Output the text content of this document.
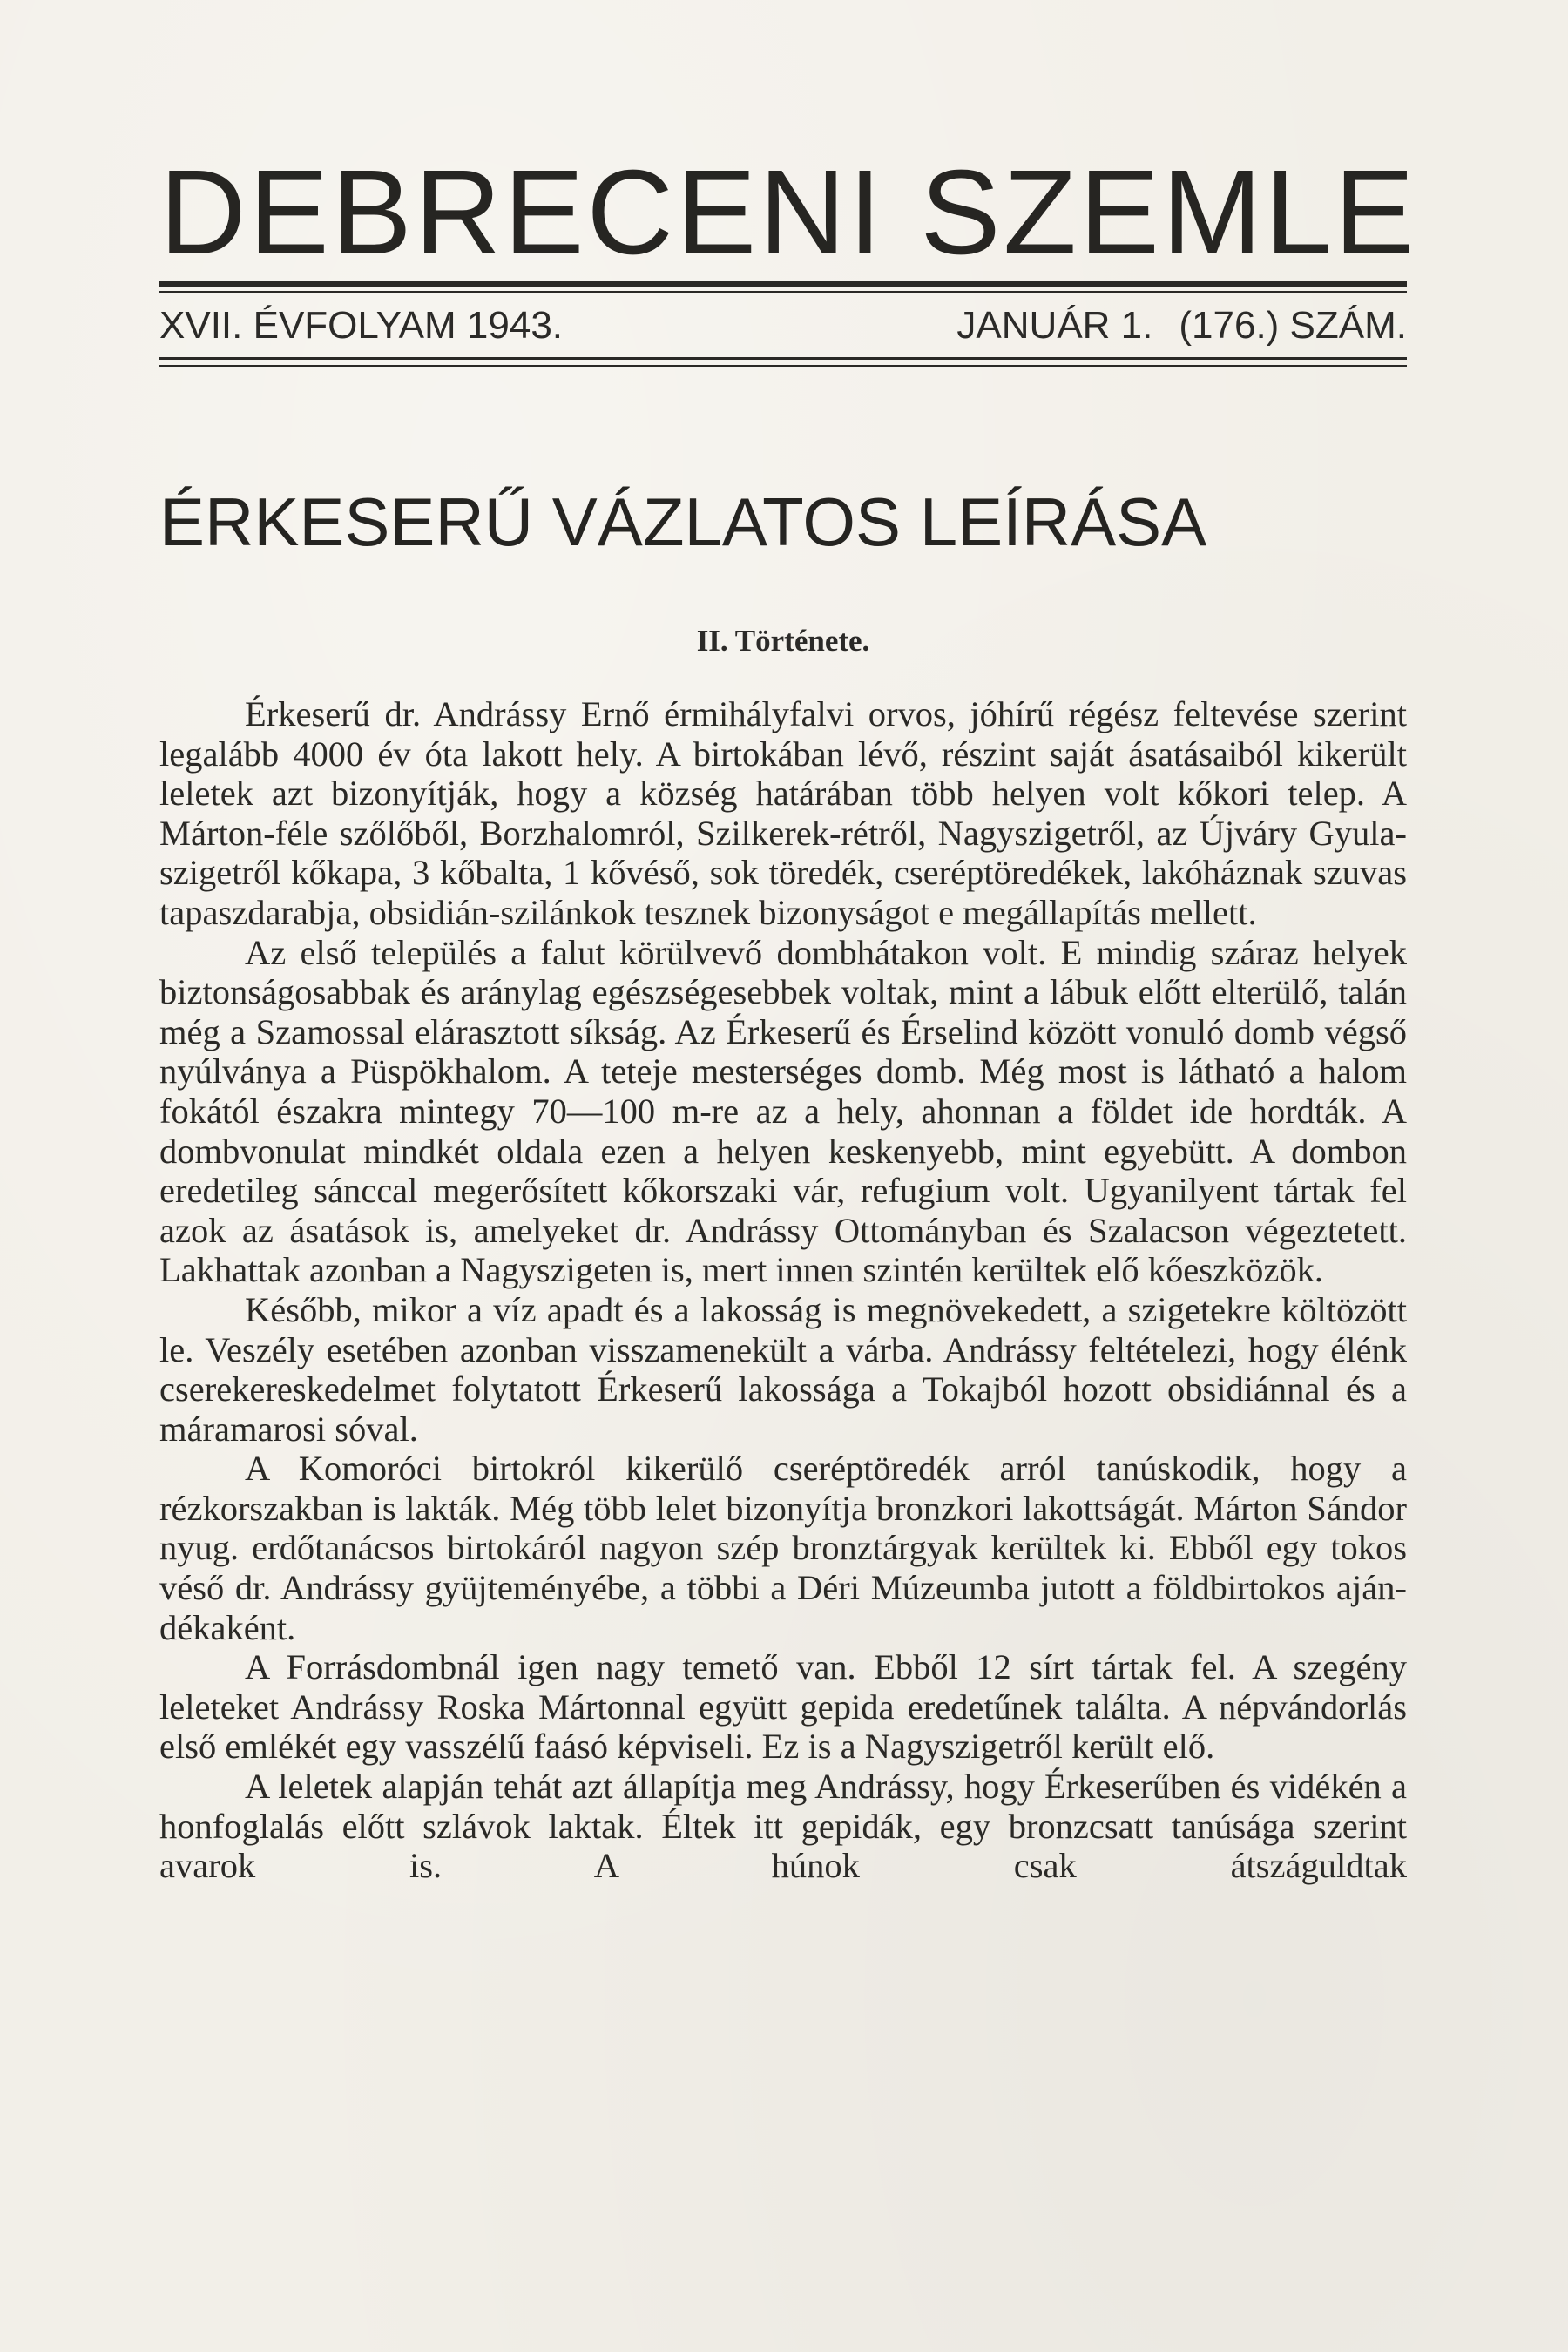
DEBRECENI SZEMLE
XVII. ÉVFOLYAM 1943.	JANUÁR 1. (176.) SZÁM.
ÉRKESERŰ VÁZLATOS LEÍRÁSA
II. Története.

Érkeserű dr. Andrássy Ernő érmihályfalvi orvos, jóhírű régész feltevése szerint legalább 4000 év óta lakott hely. A birtokában lévő, részint saját ásatásaiból kikerült leletek azt bizonyítják, hogy a község határában több helyen volt kőkori telep. A Márton-féle szőlőből, Borzhalomról, Szilkerek-rétről, Nagyszigetről, az Újváry Gyula-szigetről kőkapa, 3 kőbalta, 1 kővéső, sok töredék, cseréptöredékek, lakóháznak szuvas tapaszdarabja, obsidián-szilánkok tesznek bizonyságot e megállapítás mellett.

Az első település a falut körülvevő dombhátakon volt. E mindig száraz helyek biztonságosabbak és aránylag egészségesebbek voltak, mint a lábuk előtt elterülő, talán még a Szamossal elárasztott síkság. Az Érkeserű és Érselind között vonuló domb végső nyúlványa a Püspökhalom. A teteje mesterséges domb. Még most is látható a halom fokától északra mintegy 70—100 m-re az a hely, ahonnan a földet ide hordták. A dombvonulat mindkét oldala ezen a helyen keskenyebb, mint egyebütt. A dombon eredetileg sánccal megerősített kőkorszaki vár, refugium volt. Ugyanilyent tártak fel azok az ásatások is, amelyeket dr. Andrássy Ottományban és Szalacson végeztetett. Lakhattak azonban a Nagyszigeten is, mert innen szintén kerültek elő kőeszközök.

Később, mikor a víz apadt és a lakosság is megnövekedett, a szigetekre költözött le. Veszély esetében azonban visszamenekült a várba. Andrássy feltételezi, hogy élénk cserekereskedelmet folytatott Érkeserű lakossága a Tokajból hozott obsidiánnal és a máramarosi sóval.

A Komoróci birtokról kikerülő cseréptöredék arról tanúskodik, hogy a rézkorszakban is lakták. Még több lelet bizonyítja bronzkori lakottságát. Márton Sándor nyug. erdőtanácsos birtokáról nagyon szép bronztárgyak kerültek ki. Ebből egy tokos véső dr. Andrássy gyüjteményébe, a többi a Déri Múzeumba jutott a földbirtokos ajándékaként.

A Forrásdombnál igen nagy temető van. Ebből 12 sírt tártak fel. A szegény leleteket Andrássy Roska Mártonnal együtt gepida eredetűnek találta. A népvándorlás első emlékét egy vasszélű faásó képviseli. Ez is a Nagyszigetről került elő.

A leletek alapján tehát azt állapítja meg Andrássy, hogy Érkeserűben és vidékén a honfoglalás előtt szlávok laktak. Éltek itt gepidák, egy bronzcsatt tanúsága szerint avarok is. A húnok csak átszáguldtak
